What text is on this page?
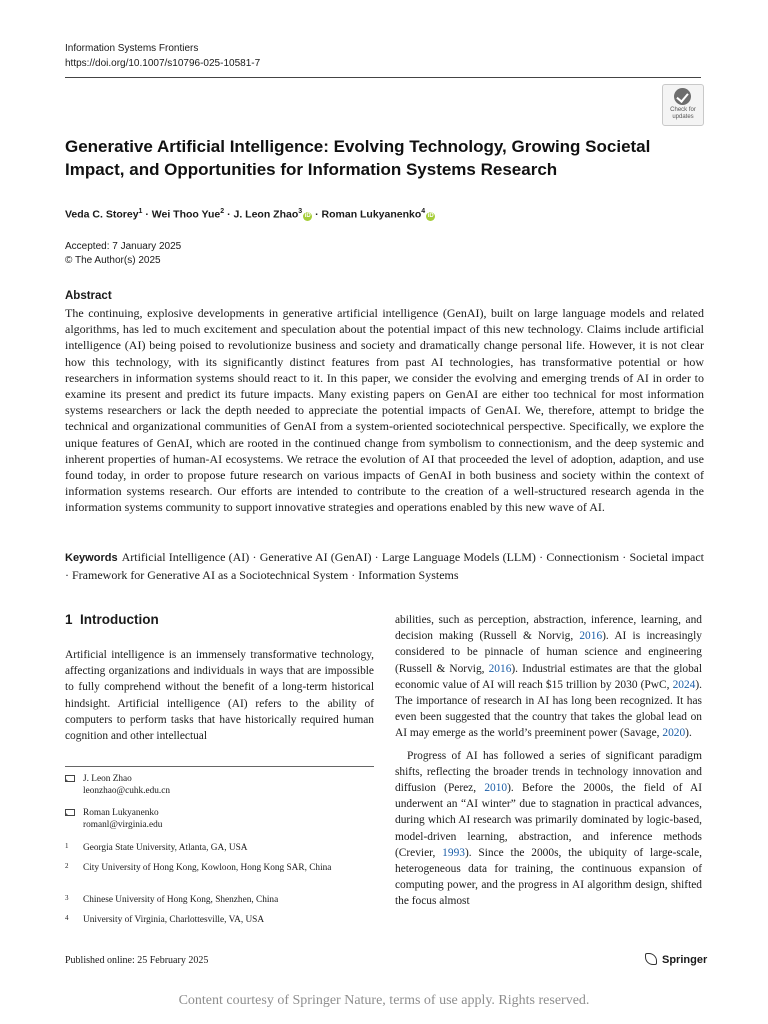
Information Systems Frontiers
https://doi.org/10.1007/s10796-025-10581-7
Check for
updates
Generative Artificial Intelligence: Evolving Technology, Growing Societal Impact, and Opportunities for Information Systems Research
Veda C. Storey$^1$ · Wei Thoo Yue$^2$ · J. Leon Zhao$^3$iD · Roman Lukyanenko$^4$iD
Accepted: 7 January 2025
© The Author(s) 2025
Abstract
The continuing, explosive developments in generative artificial intelligence (GenAI), built on large language models and related algorithms, has led to much excitement and speculation about the potential impact of this new technology. Claims include artificial intelligence (AI) being poised to revolutionize business and society and dramatically change personal life. However, it is not clear how this technology, with its significantly distinct features from past AI technologies, has transformative potential or how researchers in information systems should react to it. In this paper, we consider the evolving and emerging trends of AI in order to examine its present and predict its future impacts. Many existing papers on GenAI are either too technical for most information systems researchers or lack the depth needed to appreciate the potential impacts of GenAI. We, therefore, attempt to bridge the technical and organizational communities of GenAI from a system-oriented sociotechnical perspective. Specifically, we explore the unique features of GenAI, which are rooted in the continued change from symbolism to connectionism, and the deep systemic and inherent properties of human-AI ecosystems. We retrace the evolution of AI that proceeded the level of adoption, adaption, and use found today, in order to propose future research on various impacts of GenAI in both business and society within the context of information systems research. Our efforts are intended to contribute to the creation of a well-structured research agenda in the information systems community to support innovative strategies and operations enabled by this new wave of AI.
Keywords Artificial Intelligence (AI) · Generative AI (GenAI) · Large Language Models (LLM) · Connectionism · Societal impact · Framework for Generative AI as a Sociotechnical System · Information Systems
1 Introduction

Artificial intelligence is an immensely transformative technology, affecting organizations and individuals in ways that are impossible to fully comprehend without the benefit of a long-term historical hindsight. Artificial intelligence (AI) refers to the ability of computers to perform tasks that have historically required human cognition and other intellectual

abilities, such as perception, abstraction, inference, learning, and decision making (Russell & Norvig, 2016). AI is increasingly considered to be pinnacle of human science and engineering (Russell & Norvig, 2016). Industrial estimates are that the global economic value of AI will reach $15 trillion by 2030 (PwC, 2024). The importance of research in AI has long been recognized. It has even been suggested that the country that takes the global lead on AI may emerge as the world’s preeminent power (Savage, 2020).

Progress of AI has followed a series of significant paradigm shifts, reflecting the broader trends in technology innovation and diffusion (Perez, 2010). Before the 2000s, the field of AI underwent an “AI winter” due to stagnation in practical advances, during which AI research was primarily dominated by logic-based, model-driven learning, abstraction, and inference methods (Crevier, 1993). Since the 2000s, the ubiquity of large-scale, heterogeneous data for training, the continuous expansion of computing power, and the progress in AI algorithm design, shifted the focus almost

J. Leon Zhao
leonzhao@cuhk.edu.cn
Roman Lukyanenko
romanl@virginia.edu
1 Georgia State University, Atlanta, GA, USA
2 City University of Hong Kong, Kowloon, Hong Kong SAR, China
3 Chinese University of Hong Kong, Shenzhen, China
4 University of Virginia, Charlottesville, VA, USA
Published online: 25 February 2025	Springer
Content courtesy of Springer Nature, terms of use apply. Rights reserved.
